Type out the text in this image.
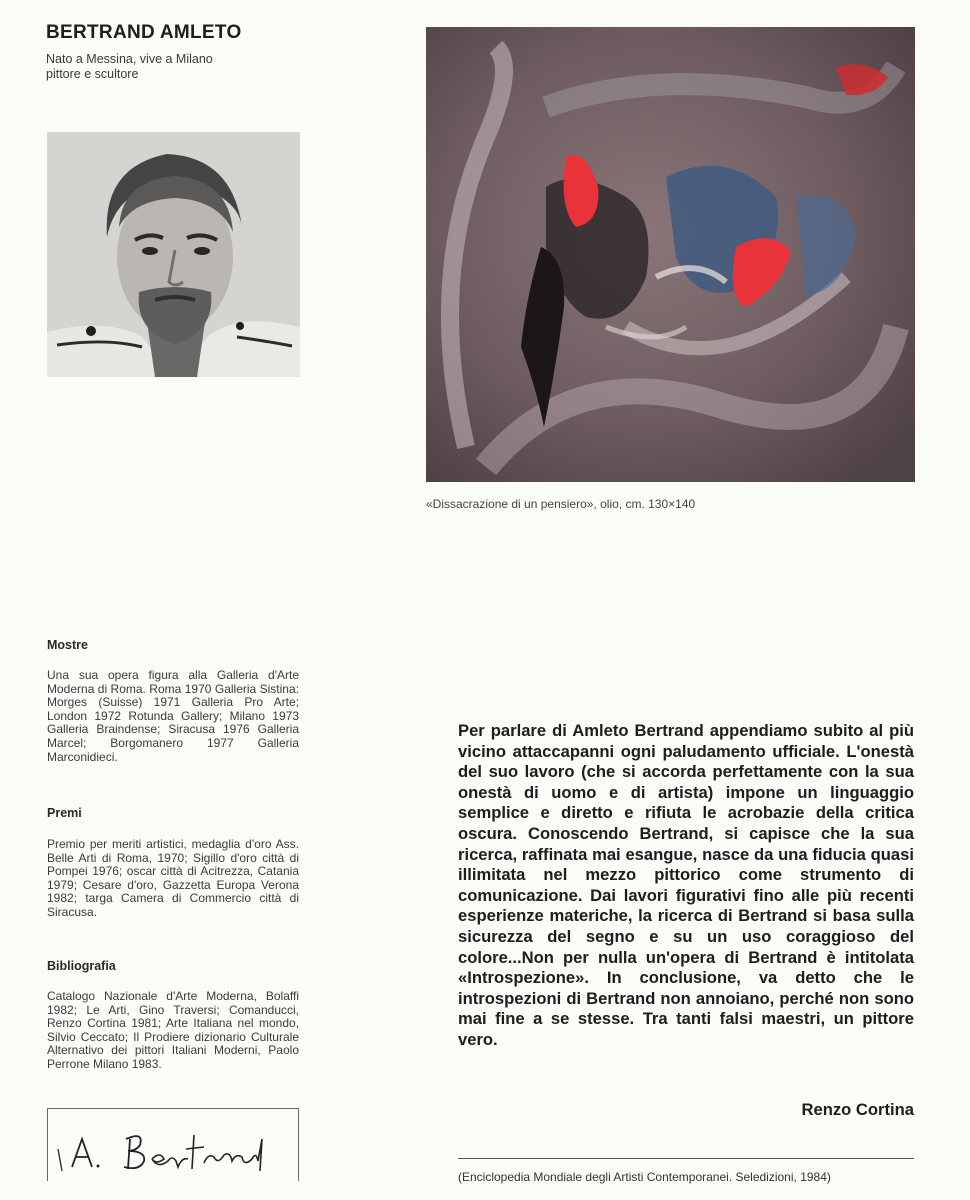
BERTRAND AMLETO
Nato a Messina, vive a Milano
pittore e scultore
«Dissacrazione di un pensiero», olio, cm. 130×140
Mostre
Una sua opera figura alla Galleria d'Arte Moderna di Roma. Roma 1970 Galleria Sistina: Morges (Suisse) 1971 Galleria Pro Arte; London 1972 Rotunda Gallery; Milano 1973 Galleria Braindense; Siracusa 1976 Galleria Marcel; Borgomanero 1977 Galleria Marconidieci.
Premi
Premio per meriti artistici, medaglia d'oro Ass. Belle Arti di Roma, 1970; Sigillo d'oro città di Pompei 1976; oscar città di Acitrezza, Catania 1979; Cesare d'oro, Gazzetta Europa Verona 1982; targa Camera di Commercio città di Siracusa.
Bibliografia
Catalogo Nazionale d'Arte Moderna, Bolaffi 1982; Le Arti, Gino Traversi; Comanducci, Renzo Cortina 1981; Arte Italiana nel mondo, Silvio Ceccato; Il Prodiere dizionario Culturale Alternativo dei pittori Italiani Moderni, Paolo Perrone Milano 1983.
Per parlare di Amleto Bertrand appendiamo subito al più vicino attaccapanni ogni paludamento ufficiale. L'onestà del suo lavoro (che si accorda perfettamente con la sua onestà di uomo e di artista) impone un linguaggio semplice e diretto e rifiuta le acrobazie della critica oscura. Conoscendo Bertrand, si capisce che la sua ricerca, raffinata mai esangue, nasce da una fiducia quasi illimitata nel mezzo pittorico come strumento di comunicazione. Dai lavori figurativi fino alle più recenti esperienze materiche, la ricerca di Bertrand si basa sulla sicurezza del segno e su un uso coraggioso del colore...Non per nulla un'opera di Bertrand è intitolata «Introspezione». In conclusione, va detto che le introspezioni di Bertrand non annoiano, perché non sono mai fine a se stesse. Tra tanti falsi maestri, un pittore vero.
Renzo Cortina
(Enciclopedia Mondiale degli Artisti Contemporanei. Seledizioni, 1984)
